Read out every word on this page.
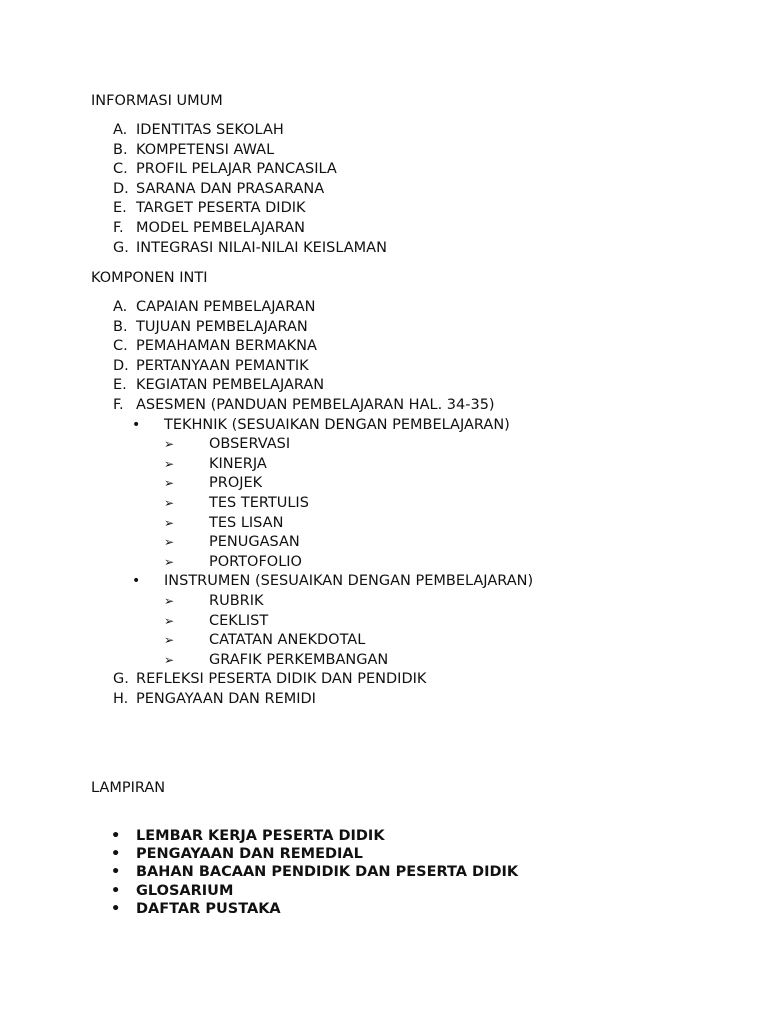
INFORMASI UMUM
A. IDENTITAS SEKOLAH
B. KOMPETENSI AWAL
C. PROFIL PELAJAR PANCASILA
D. SARANA DAN PRASARANA
E. TARGET PESERTA DIDIK
F. MODEL PEMBELAJARAN
G. INTEGRASI NILAI-NILAI KEISLAMAN
KOMPONEN INTI
A. CAPAIAN PEMBELAJARAN
B. TUJUAN PEMBELAJARAN
C. PEMAHAMAN BERMAKNA
D. PERTANYAAN PEMANTIK
E. KEGIATAN PEMBELAJARAN
F. ASESMEN (PANDUAN PEMBELAJARAN HAL. 34-35)
• TEKHNIK (SESUAIKAN DENGAN PEMBELAJARAN)
➢ OBSERVASI
➢ KINERJA
➢ PROJEK
➢ TES TERTULIS
➢ TES LISAN
➢ PENUGASAN
➢ PORTOFOLIO
• INSTRUMEN (SESUAIKAN DENGAN PEMBELAJARAN)
➢ RUBRIK
➢ CEKLIST
➢ CATATAN ANEKDOTAL
➢ GRAFIK PERKEMBANGAN
G. REFLEKSI PESERTA DIDIK DAN PENDIDIK
H. PENGAYAAN DAN REMIDI
LAMPIRAN
• LEMBAR KERJA PESERTA DIDIK
• PENGAYAAN DAN REMEDIAL
• BAHAN BACAAN PENDIDIK DAN PESERTA DIDIK
• GLOSARIUM
• DAFTAR PUSTAKA
